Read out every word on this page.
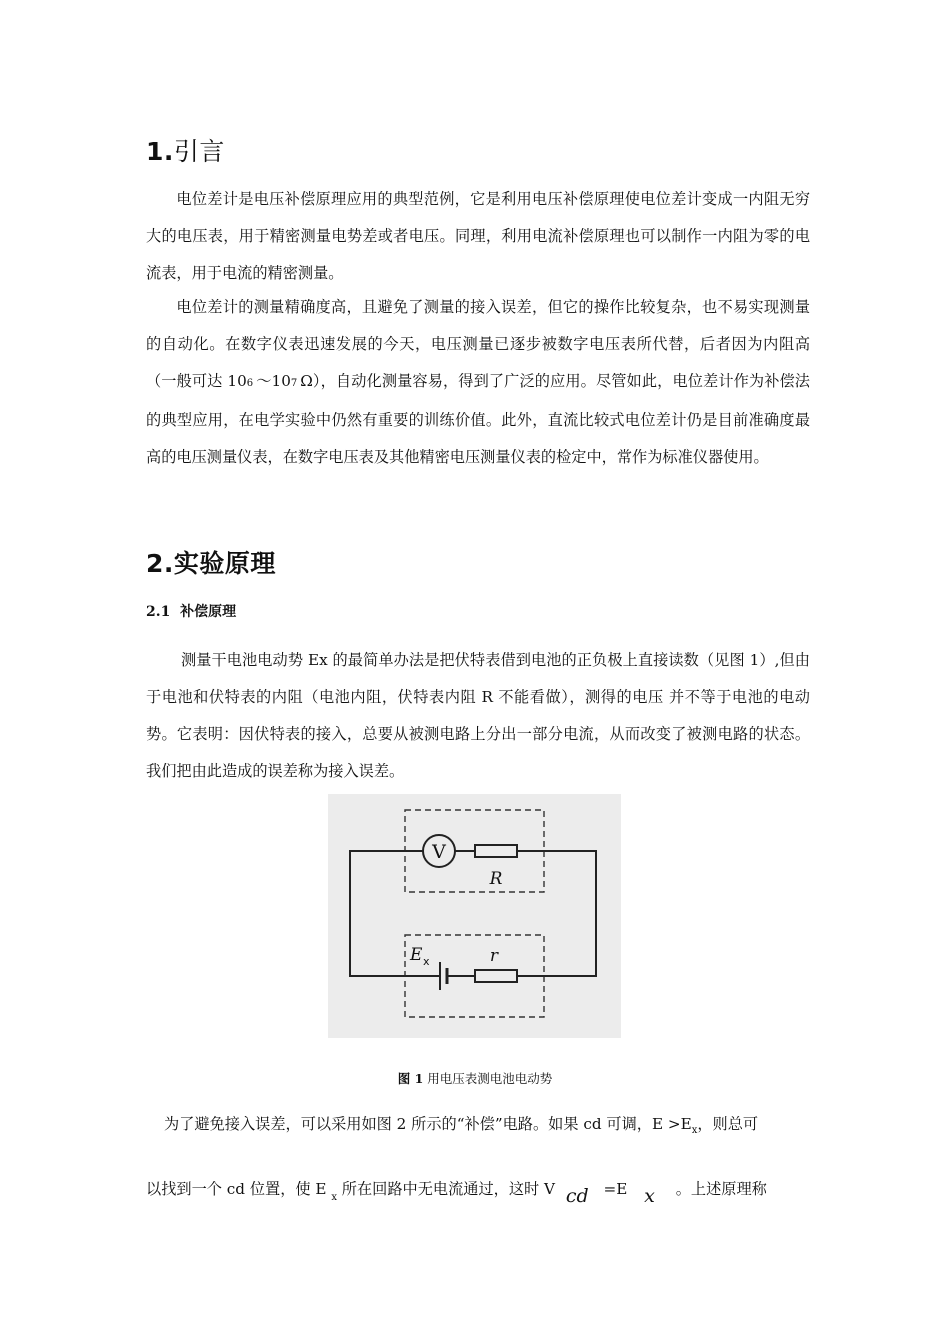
1.引言

电位差计是电压补偿原理应用的典型范例，它是利用电压补偿原理使电位差计变成一内阻无穷大的电压表，用于精密测量电势差或者电压。同理，利用电流补偿原理也可以制作一内阻为零的电流表，用于电流的精密测量。

电位差计的测量精确度高，且避免了测量的接入误差，但它的操作比较复杂，也不易实现测量的自动化。在数字仪表迅速发展的今天，电压测量已逐步被数字电压表所代替，后者因为内阻高（一般可达 106～107Ω），自动化测量容易，得到了广泛的应用。尽管如此，电位差计作为补偿法的典型应用，在电学实验中仍然有重要的训练价值。此外，直流比较式电位差计仍是目前准确度最高的电压测量仪表，在数字电压表及其他精密电压测量仪表的检定中，常作为标准仪器使用。

2.实验原理
2.1 补偿原理

测量干电池电动势 Ex 的最简单办法是把伏特表借到电池的正负极上直接读数（见图 1）,但由于电池和伏特表的内阻（电池内阻，伏特表内阻 R 不能看做），测得的电压 并不等于电池的电动势。它表明：因伏特表的接入，总要从被测电路上分出一部分电流，从而改变了被测电路的状态。我们把由此造成的误差称为接入误差。

V
R
E x	r
图 1 用电压表测电池电动势
为了避免接入误差，可以采用如图 2 所示的“补偿”电路。如果 cd 可调，$E >E_x$，则总可
以找到一个 cd 位置，使 E $_x$ 所在回路中无电流通过，这时 V cd =E x 。上述原理称
